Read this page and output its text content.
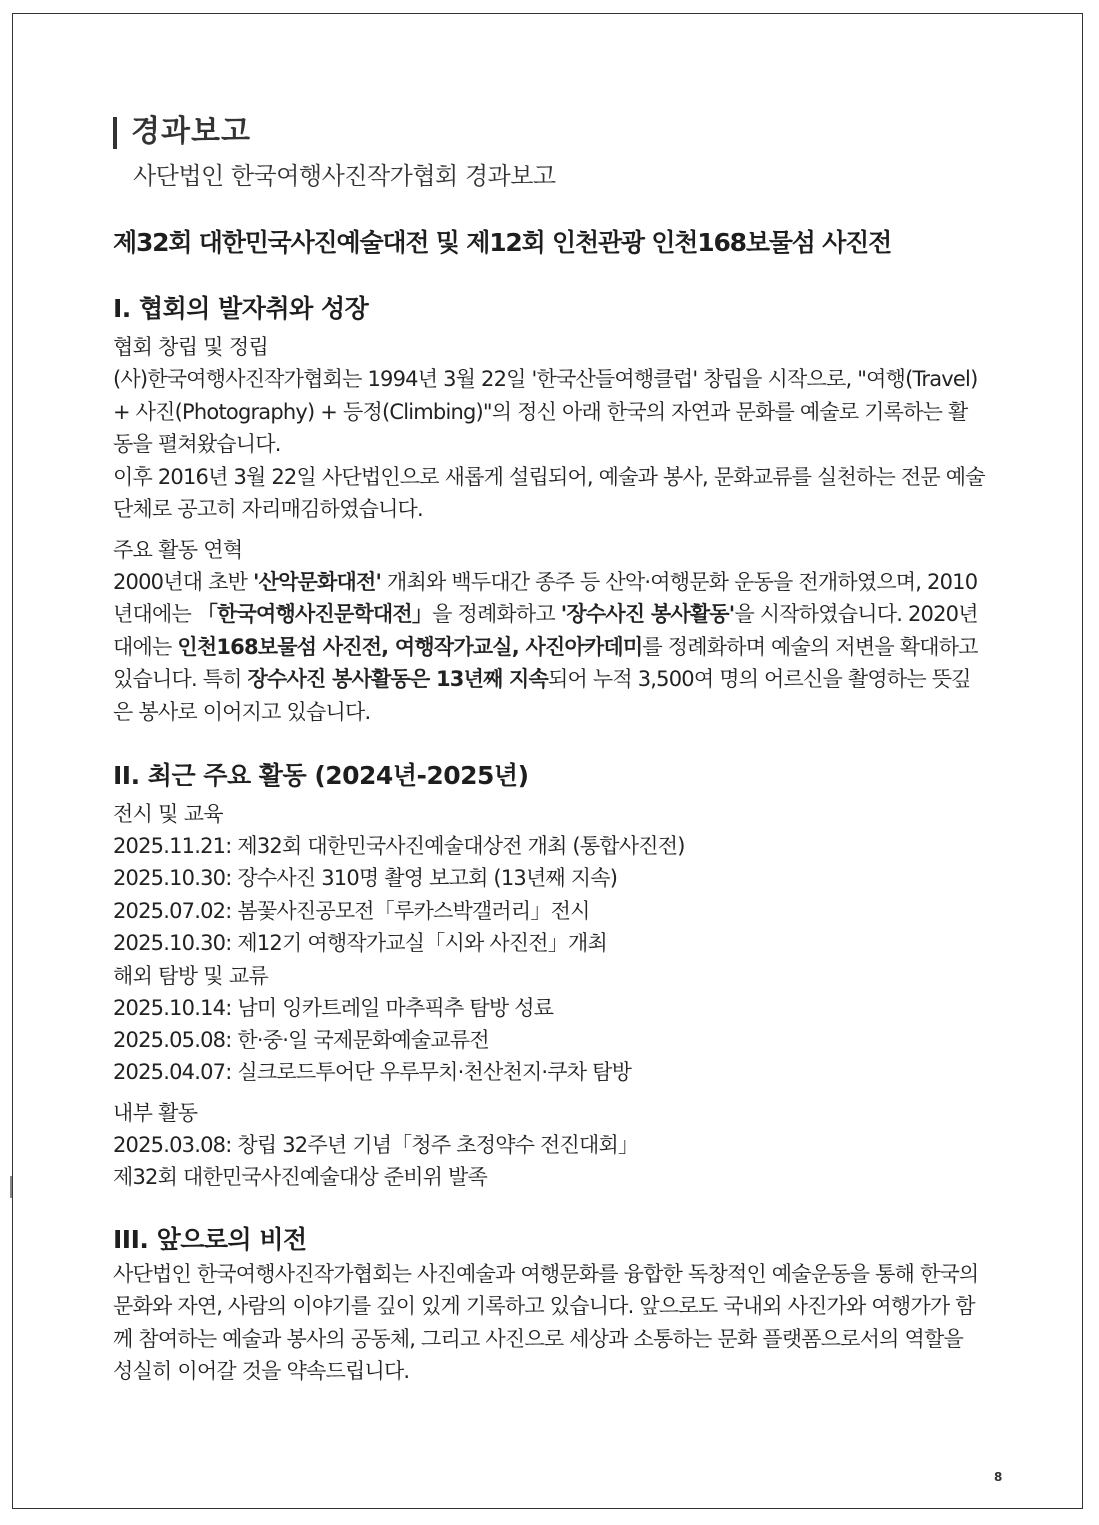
경과보고
사단법인 한국여행사진작가협회 경과보고
제32회 대한민국사진예술대전 및 제12회 인천관광 인천168보물섬 사진전
I. 협회의 발자취와 성장
협회 창립 및 정립
(사)한국여행사진작가협회는 1994년 3월 22일 '한국산들여행클럽' 창립을 시작으로, "여행(Travel) + 사진(Photography) + 등정(Climbing)"의 정신 아래 한국의 자연과 문화를 예술로 기록하는 활동을 펼쳐왔습니다.
이후 2016년 3월 22일 사단법인으로 새롭게 설립되어, 예술과 봉사, 문화교류를 실천하는 전문 예술단체로 공고히 자리매김하였습니다.
주요 활동 연혁
2000년대 초반 '산악문화대전' 개최와 백두대간 종주 등 산악·여행문화 운동을 전개하였으며, 2010년대에는 「한국여행사진문학대전」을 정례화하고 '장수사진 봉사활동'을 시작하였습니다. 2020년대에는 인천168보물섬 사진전, 여행작가교실, 사진아카데미를 정례화하며 예술의 저변을 확대하고 있습니다. 특히 장수사진 봉사활동은 13년째 지속되어 누적 3,500여 명의 어르신을 촬영하는 뜻깊은 봉사로 이어지고 있습니다.
II. 최근 주요 활동 (2024년-2025년)
전시 및 교육
2025.11.21: 제32회 대한민국사진예술대상전 개최 (통합사진전)
2025.10.30: 장수사진 310명 촬영 보고회 (13년째 지속)
2025.07.02: 봄꽃사진공모전「루카스박갤러리」전시
2025.10.30: 제12기 여행작가교실「시와 사진전」개최
해외 탐방 및 교류
2025.10.14: 남미 잉카트레일 마추픽추 탐방 성료
2025.05.08: 한·중·일 국제문화예술교류전
2025.04.07: 실크로드투어단 우루무치·천산천지·쿠차 탐방
내부 활동
2025.03.08: 창립 32주년 기념「청주 초정약수 전진대회」
제32회 대한민국사진예술대상 준비위 발족
III. 앞으로의 비전
사단법인 한국여행사진작가협회는 사진예술과 여행문화를 융합한 독창적인 예술운동을 통해 한국의 문화와 자연, 사람의 이야기를 깊이 있게 기록하고 있습니다. 앞으로도 국내외 사진가와 여행가가 함께 참여하는 예술과 봉사의 공동체, 그리고 사진으로 세상과 소통하는 문화 플랫폼으로서의 역할을 성실히 이어갈 것을 약속드립니다.
8
